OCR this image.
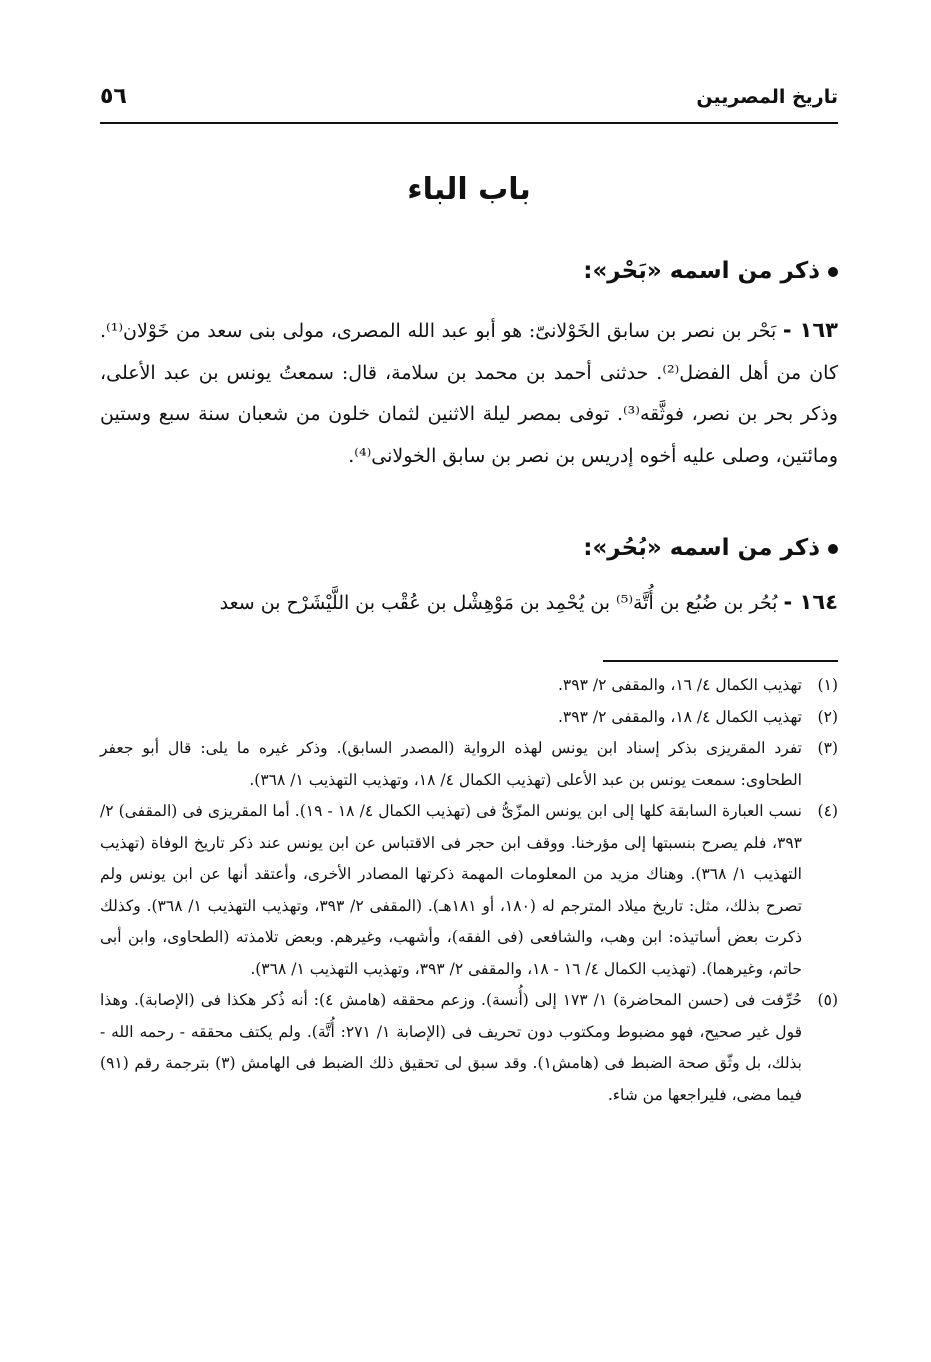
تاريخ المصريين
٥٦
باب الباء
ذكر من اسمه «بَحْر»:
١٦٣ - بَحْر بن نصر بن سابق الخَوْلانىّ: هو أبو عبد الله المصرى، مولى بنى سعد من خَوْلان⁽¹⁾. كان من أهل الفضل⁽²⁾. حدثنى أحمد بن محمد بن سلامة، قال: سمعتُ يونس بن عبد الأعلى، وذكر بحر بن نصر، فوثَّقه⁽³⁾. توفى بمصر ليلة الاثنين لثمان خلون من شعبان سنة سبع وستين ومائتين، وصلى عليه أخوه إدريس بن نصر بن سابق الخولانى⁽⁴⁾.
ذكر من اسمه «بُحُر»:
١٦٤ - بُحُر بن ضُبُع بن أُتَّة⁽⁵⁾ بن يُحْمِد بن مَوْهِشْل بن عُقْب بن اللَّيْشَرْح بن سعد
(١)
تهذيب الكمال ٤/ ١٦، والمقفى ٢/ ٣٩٣.
(٢)
تهذيب الكمال ٤/ ١٨، والمقفى ٢/ ٣٩٣.
(٣)
تفرد المقريزى بذكر إسناد ابن يونس لهذه الرواية (المصدر السابق). وذكر غيره ما يلى: قال أبو جعفر الطحاوى: سمعت يونس بن عبد الأعلى (تهذيب الكمال ٤/ ١٨، وتهذيب التهذيب ١/ ٣٦٨).
(٤)
نسب العبارة السابقة كلها إلى ابن يونس المزّىُّ فى (تهذيب الكمال ٤/ ١٨ - ١٩). أما المقريزى فى (المقفى) ٢/ ٣٩٣، فلم يصرح بنسبتها إلى مؤرخنا. ووقف ابن حجر فى الاقتباس عن ابن يونس عند ذكر تاريخ الوفاة (تهذيب التهذيب ١/ ٣٦٨). وهناك مزيد من المعلومات المهمة ذكرتها المصادر الأخرى، وأعتقد أنها عن ابن يونس ولم تصرح بذلك، مثل: تاريخ ميلاد المترجم له (١٨٠، أو ١٨١هـ). (المقفى ٢/ ٣٩٣، وتهذيب التهذيب ١/ ٣٦٨). وكذلك ذكرت بعض أساتيذه: ابن وهب، والشافعى (فى الفقه)، وأشهب، وغيرهم. وبعض تلامذته (الطحاوى، وابن أبى حاتم، وغيرهما). (تهذيب الكمال ٤/ ١٦ - ١٨، والمقفى ٢/ ٣٩٣، وتهذيب التهذيب ١/ ٣٦٨).
(٥)
حُرِّفت فى (حسن المحاضرة) ١/ ١٧٣ إلى (أُنسة). وزعم محققه (هامش ٤): أنه ذُكر هكذا فى (الإصابة). وهذا قول غير صحيح، فهو مضبوط ومكتوب دون تحريف فى (الإصابة ١/ ٢٧١: أُتَّة). ولم يكتف محققه - رحمه الله - بذلك، بل وثّق صحة الضبط فى (هامش١). وقد سبق لى تحقيق ذلك الضبط فى الهامش (٣) بترجمة رقم (٩١) فيما مضى، فليراجعها من شاء.
